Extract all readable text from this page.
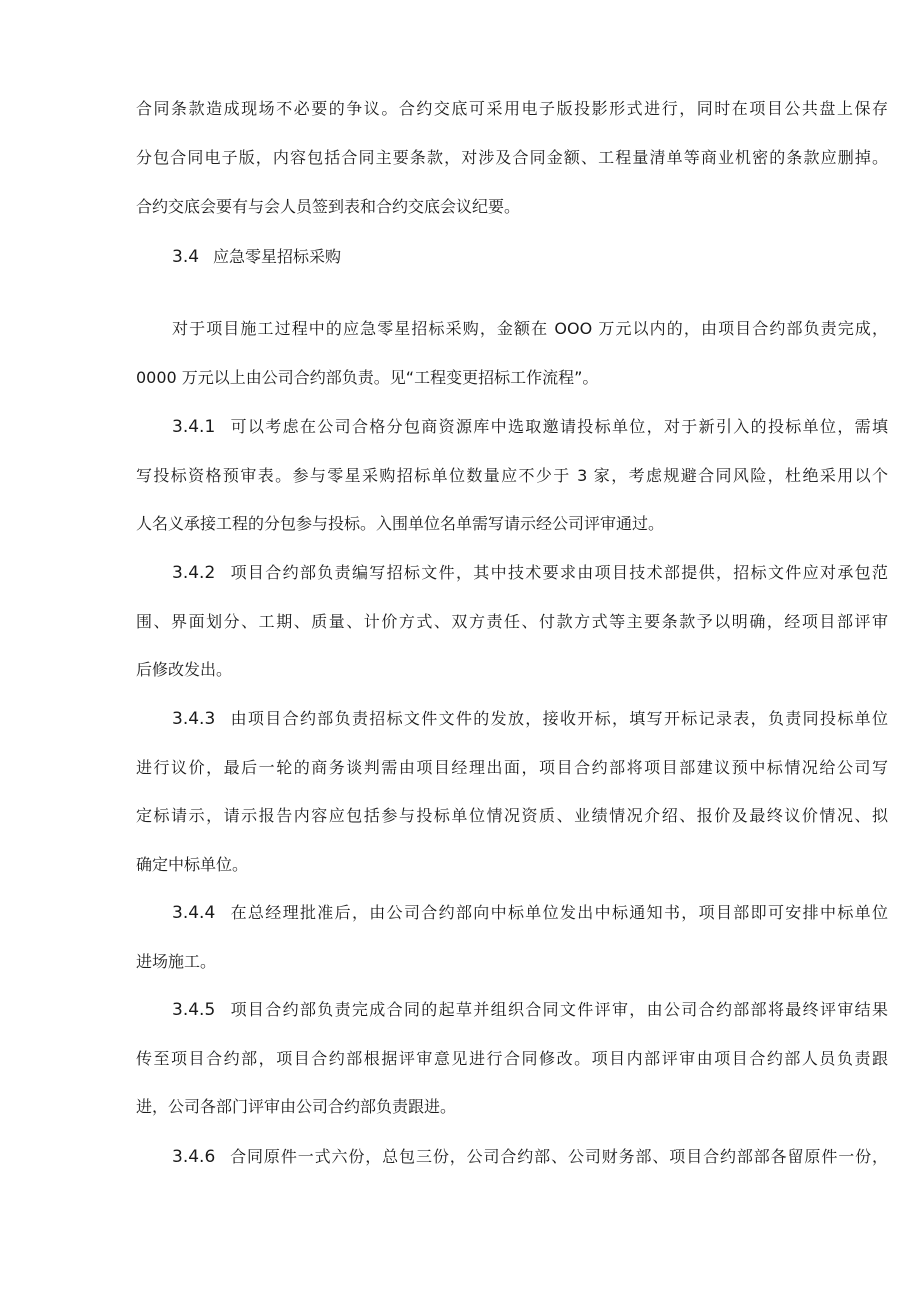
合同条款造成现场不必要的争议。合约交底可采用电子版投影形式进行，同时在项目公共盘上保存
分包合同电子版，内容包括合同主要条款，对涉及合同金额、工程量清单等商业机密的条款应删掉。
合约交底会要有与会人员签到表和合约交底会议纪要。
3.4 应急零星招标采购
对于项目施工过程中的应急零星招标采购，金额在 OOO 万元以内的，由项目合约部负责完成，
0000 万元以上由公司合约部负责。见“工程变更招标工作流程”。
3.4.1 可以考虑在公司合格分包商资源库中选取邀请投标单位，对于新引入的投标单位，需填
写投标资格预审表。参与零星采购招标单位数量应不少于 3 家，考虑规避合同风险，杜绝采用以个
人名义承接工程的分包参与投标。入围单位名单需写请示经公司评审通过。
3.4.2 项目合约部负责编写招标文件，其中技术要求由项目技术部提供，招标文件应对承包范
围、界面划分、工期、质量、计价方式、双方责任、付款方式等主要条款予以明确，经项目部评审
后修改发出。
3.4.3 由项目合约部负责招标文件文件的发放，接收开标，填写开标记录表，负责同投标单位
进行议价，最后一轮的商务谈判需由项目经理出面，项目合约部将项目部建议预中标情况给公司写
定标请示，请示报告内容应包括参与投标单位情况资质、业绩情况介绍、报价及最终议价情况、拟
确定中标单位。
3.4.4 在总经理批准后，由公司合约部向中标单位发出中标通知书，项目部即可安排中标单位
进场施工。
3.4.5 项目合约部负责完成合同的起草并组织合同文件评审，由公司合约部部将最终评审结果
传至项目合约部，项目合约部根据评审意见进行合同修改。项目内部评审由项目合约部人员负责跟
进，公司各部门评审由公司合约部负责跟进。
3.4.6 合同原件一式六份，总包三份，公司合约部、公司财务部、项目合约部部各留原件一份，
